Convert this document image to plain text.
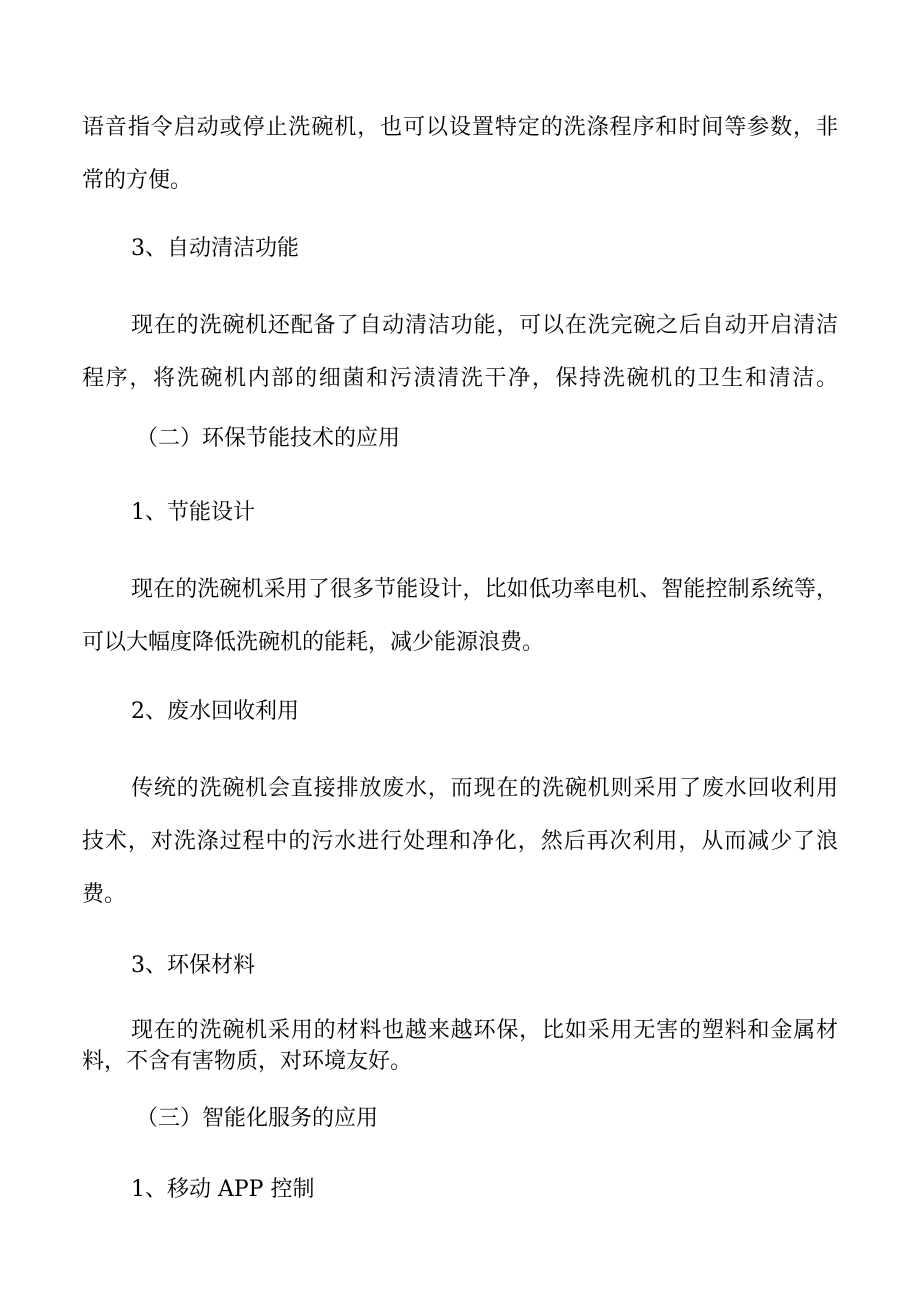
语音指令启动或停止洗碗机，也可以设置特定的洗涤程序和时间等参数，非

常的方便。

3、自动清洁功能

现在的洗碗机还配备了自动清洁功能，可以在洗完碗之后自动开启清洁

程序，将洗碗机内部的细菌和污渍清洗干净，保持洗碗机的卫生和清洁。

（二）环保节能技术的应用

1、节能设计

现在的洗碗机采用了很多节能设计，比如低功率电机、智能控制系统等，

可以大幅度降低洗碗机的能耗，减少能源浪费。

2、废水回收利用

传统的洗碗机会直接排放废水，而现在的洗碗机则采用了废水回收利用

技术，对洗涤过程中的污水进行处理和净化，然后再次利用，从而减少了浪

费。

3、环保材料

现在的洗碗机采用的材料也越来越环保，比如采用无害的塑料和金属材

料，不含有害物质，对环境友好。

（三）智能化服务的应用

1、移动 APP 控制
